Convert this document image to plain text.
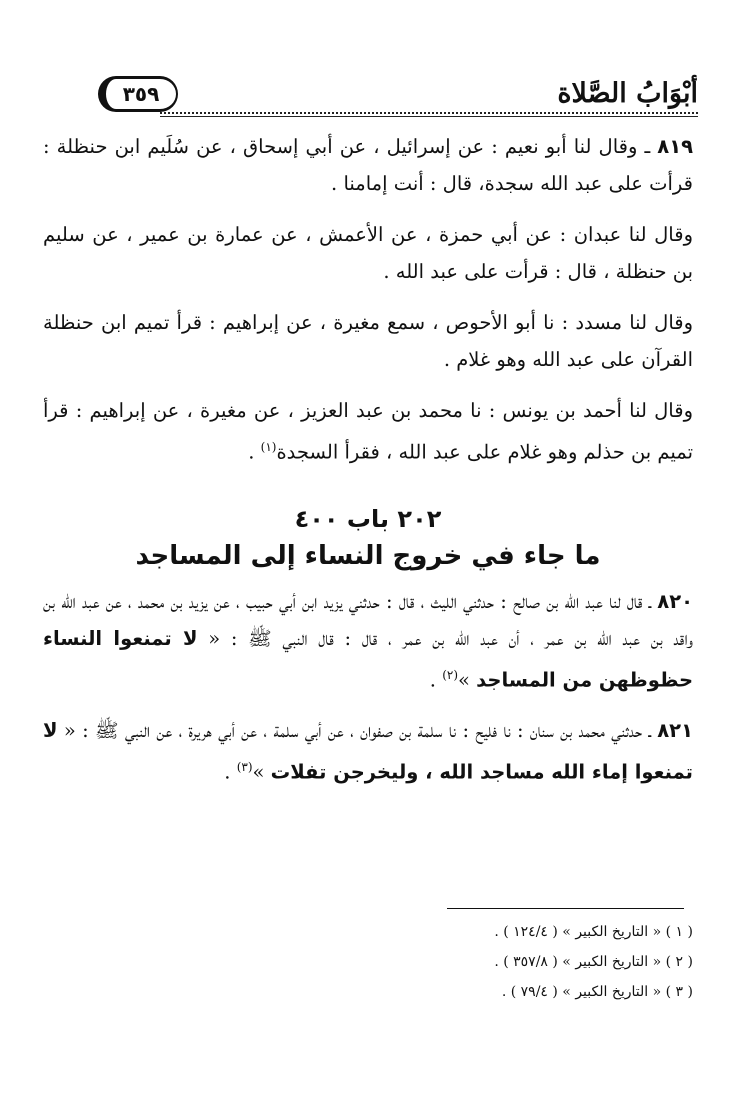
أبْوَابُ الصَّلاة
٣٥٩

٨١٩ ـ وقال لنا أبو نعيم : عن إسرائيل ، عن أبي إسحاق ، عن سُلَيم ابن حنظلة : قرأت على عبد الله سجدة، قال : أنت إمامنا .

وقال لنا عبدان : عن أبي حمزة ، عن الأعمش ، عن عمارة بن عمير ، عن سليم بن حنظلة ، قال : قرأت على عبد الله .

وقال لنا مسدد : نا أبو الأحوص ، سمع مغيرة ، عن إبراهيم : قرأ تميم ابن حنظلة القرآن على عبد الله وهو غلام .

وقال لنا أحمد بن يونس : نا محمد بن عبد العزيز ، عن مغيرة ، عن إبراهيم : قرأ تميم بن حذلم وهو غلام على عبد الله ، فقرأ السجدة$^{(١)}$ .

٢٠٢ باب ٤٠٠
ما جاء في خروج النساء إلى المساجد

٨٢٠ ـ قال لنا عبد الله بن صالح : حدثني الليث ، قال : حدثني يزيد ابن أبي حبيب ، عن يزيد بن محمد ، عن عبد الله بن واقد بن عبد الله بن عمر ، أن عبد الله بن عمر ، قال : قال النبي ﷺ : « لا تمنعوا النساء حظوظهن من المساجد »$^{(٢)}$ .

٨٢١ ـ حدثني محمد بن سنان : نا فليح : نا سلمة بن صفوان ، عن أبي سلمة ، عن أبي هريرة ، عن النبي ﷺ : « لا تمنعوا إماء الله مساجد الله ، وليخرجن تفلات »$^{(٣)}$ .

( ١ ) « التاريخ الكبير » ( ١٢٤/٤ ) .

( ٢ ) « التاريخ الكبير » ( ٣٥٧/٨ ) .

( ٣ ) « التاريخ الكبير » ( ٧٩/٤ ) .
